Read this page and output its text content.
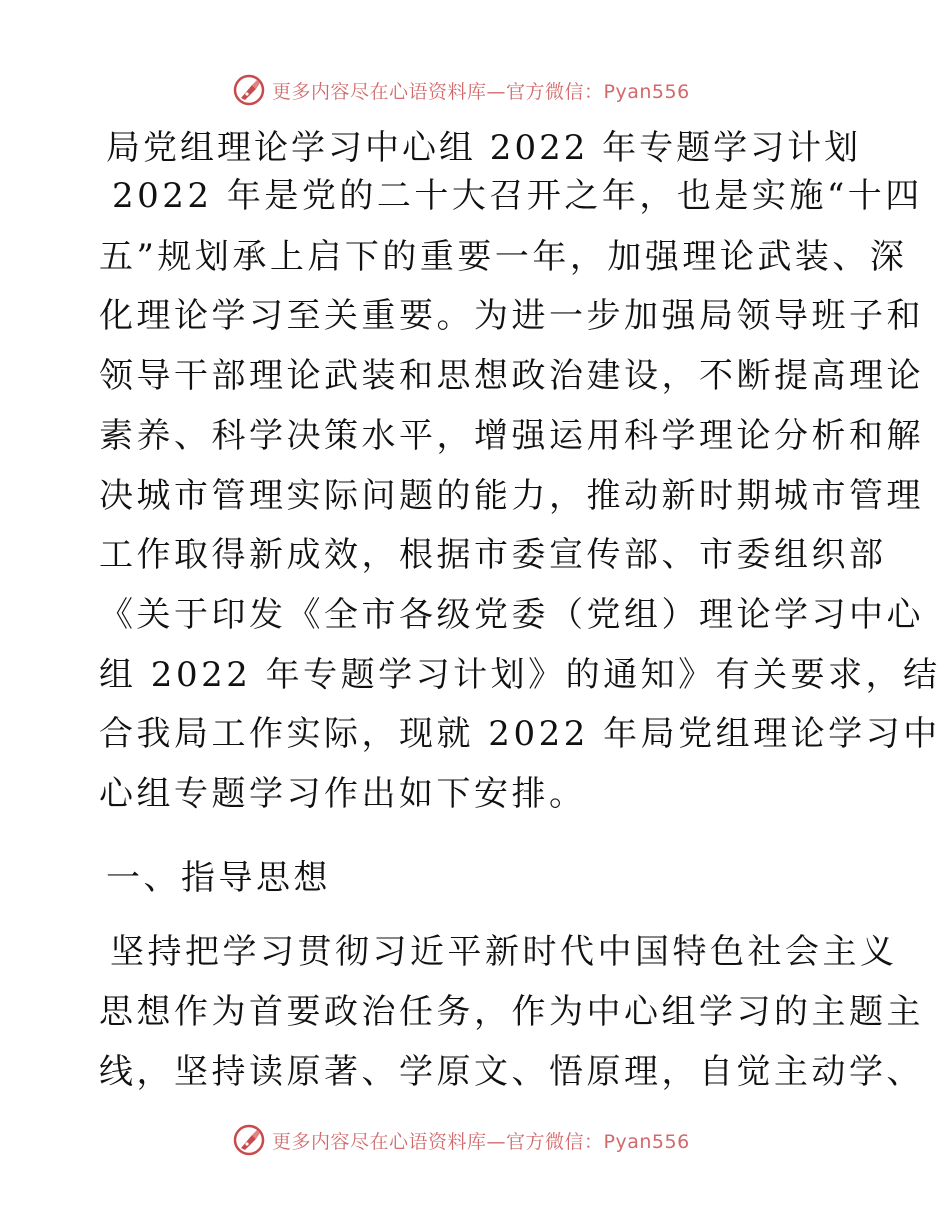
更多内容尽在心语资料库—官方微信：Pyan556
局党组理论学习中心组 2022 年专题学习计划
2022 年是党的二十大召开之年，也是实施“十四
五”规划承上启下的重要一年，加强理论武装、深
化理论学习至关重要。为进一步加强局领导班子和
领导干部理论武装和思想政治建设，不断提高理论
素养、科学决策水平，增强运用科学理论分析和解
决城市管理实际问题的能力，推动新时期城市管理
工作取得新成效，根据市委宣传部、市委组织部
《关于印发《全市各级党委（党组）理论学习中心
组 2022 年专题学习计划》的通知》有关要求，结
合我局工作实际，现就 2022 年局党组理论学习中
心组专题学习作出如下安排。
一、指导思想
坚持把学习贯彻习近平新时代中国特色社会主义
思想作为首要政治任务，作为中心组学习的主题主
线，坚持读原著、学原文、悟原理，自觉主动学、
更多内容尽在心语资料库—官方微信：Pyan556
